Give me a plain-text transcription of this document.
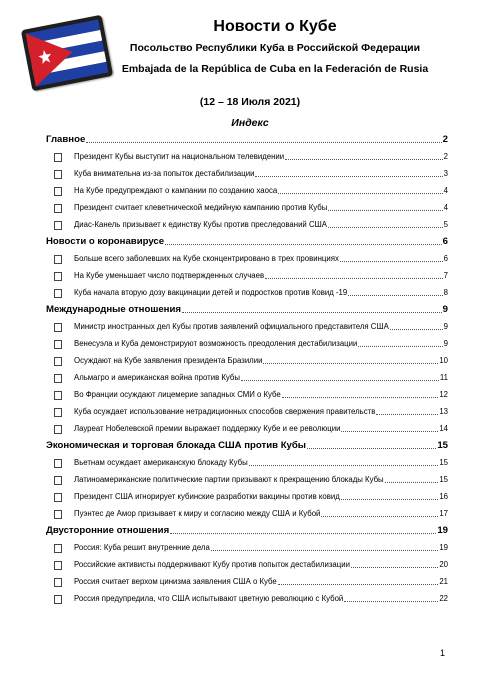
Новости о Кубе
Посольство Республики Куба в Российской Федерации
Embajada de la República de Cuba en la Federación de Rusia
(12 – 18 Июля 2021)
Индекс
Главное	2
Президент Кубы выступит на национальном телевидении	2
Куба внимательна из-за попыток дестабилизации	3
На Кубе предупреждают о кампании по созданию хаоса	4
Президент считает клеветнической медийную кампанию против Кубы	4
Диас-Канель призывает к единству Кубы против преследований США	5
Новости о коронавирусе	6
Больше всего заболевших на Кубе сконцентрировано в трех провинциях	6
На Кубе уменьшает число подтвержденных случаев	7
Куба начала вторую дозу вакцинации детей и подростков против Ковид -19	8
Международные отношения	9
Министр иностранных дел Кубы против заявлений официального представителя США	9
Венесуэла и Куба демонстрируют возможность преодоления дестабилизации	9
Осуждают на Кубе заявления президента Бразилии	10
Альмагро и американская война против Кубы	11
Во Франции осуждают лицемерие западных СМИ о Кубе	12
Куба осуждает использование нетрадиционных способов свержения правительств	13
Лауреат Нобелевской премии выражает поддержку Кубе и ее революции	14
Экономическая и торговая блокада США против Кубы	15
Вьетнам осуждает американскую блокаду Кубы	15
Латиноамериканские политические партии призывают к прекращению блокады Кубы	15
Президент США игнорирует кубинские разработки вакцины против ковид	16
Пуэнтес де Амор призывает к миру и согласию между США и Кубой	17
Двусторонние отношения	19
Россия: Куба решит внутренние дела	19
Российские активисты поддерживают Кубу против попыток дестабилизации	20
Россия считает верхом цинизма заявления США о Кубе	21
Россия предупредила, что США испытывают цветную революцию с Кубой	22
1
